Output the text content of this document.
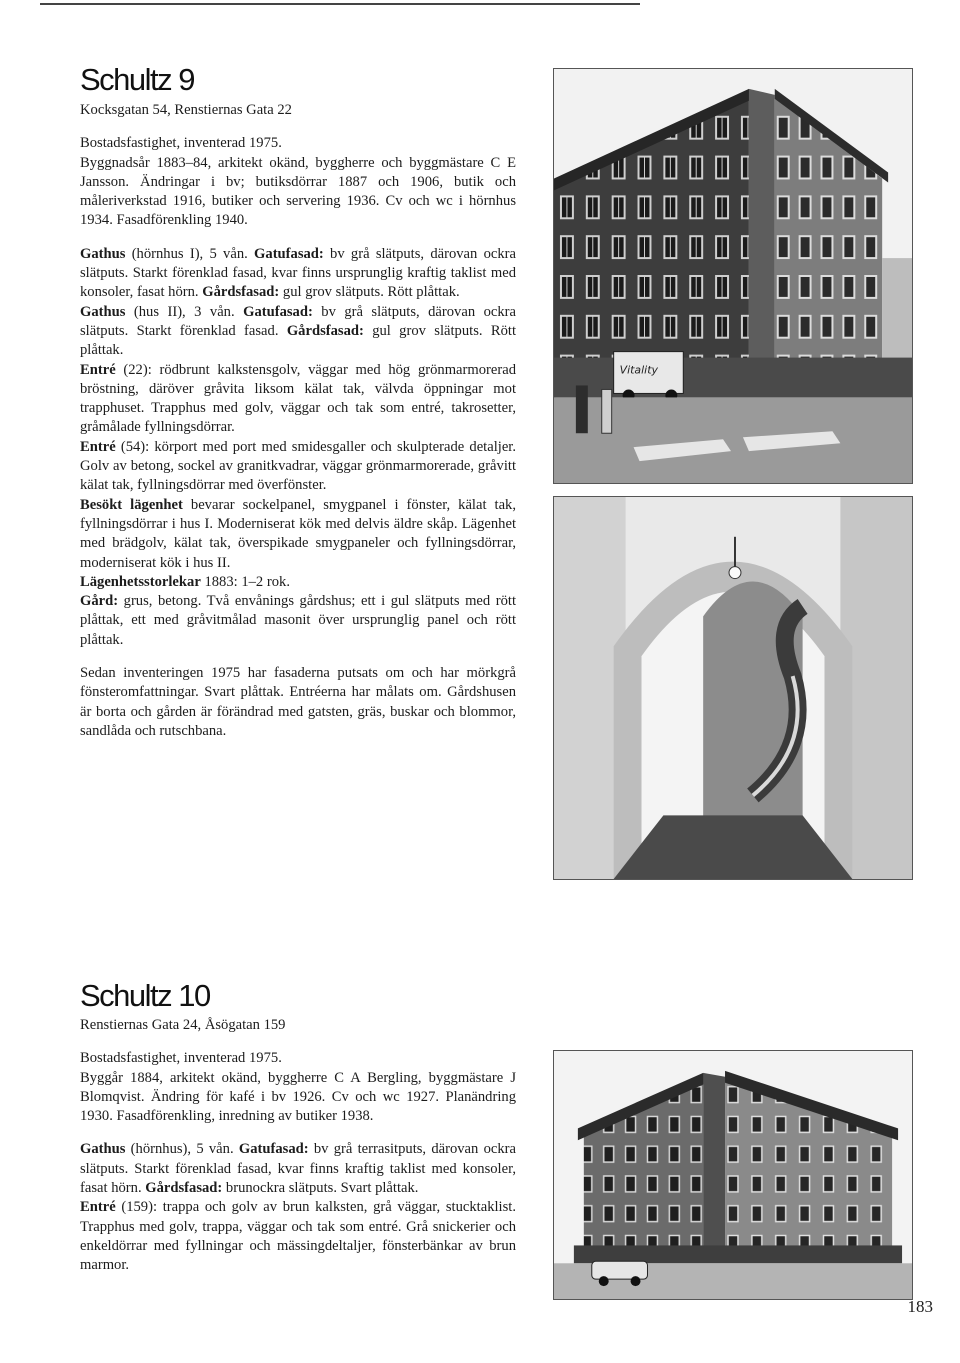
Schultz 9

Kocksgatan 54, Renstiernas Gata 22

Bostadsfastighet, inventerad 1975.

Byggnadsår 1883–84, arkitekt okänd, byggherre och byggmästare C E Jansson. Ändringar i bv; butiksdörrar 1887 och 1906, butik och måleriverkstad 1916, butiker och servering 1936. Cv och wc i hörnhus 1934. Fasadförenkling 1940.

Gathus (hörnhus I), 5 vån. Gatufasad: bv grå slätputs, därovan ockra slätputs. Starkt förenklad fasad, kvar finns ursprunglig kraftig taklist med konsoler, fasat hörn. Gårdsfasad: gul grov slätputs. Rött plåttak.

Gathus (hus II), 3 vån. Gatufasad: bv grå slätputs, därovan ockra slätputs. Starkt förenklad fasad. Gårdsfasad: gul grov slätputs. Rött plåttak.

Entré (22): rödbrunt kalkstensgolv, väggar med hög grönmarmorerad bröstning, däröver gråvita liksom kälat tak, välvda öppningar mot trapphuset. Trapphus med golv, väggar och tak som entré, takrosetter, gråmålade fyllningsdörrar.

Entré (54): körport med port med smidesgaller och skulpterade detaljer. Golv av betong, sockel av granitkvadrar, väggar grönmarmorerade, gråvitt kälat tak, fyllningsdörrar med överfönster.

Besökt lägenhet bevarar sockelpanel, smygpanel i fönster, kälat tak, fyllningsdörrar i hus I. Moderniserat kök med delvis äldre skåp. Lägenhet med brädgolv, kälat tak, överspikade smygpaneler och fyllningsdörrar, moderniserat kök i hus II.

Lägenhetsstorlekar 1883: 1–2 rok.

Gård: grus, betong. Två envånings gårdshus; ett i gul slätputs med rött plåttak, ett med gråvitmålad masonit över ursprunglig panel och rött plåttak.

Sedan inventeringen 1975 har fasaderna putsats om och har mörkgrå fönsteromfattningar. Svart plåttak. Entréerna har målats om. Gårdshusen är borta och gården är förändrad med gatsten, gräs, buskar och blommor, sandlåda och rutschbana.

Vitality
Schultz 10

Renstiernas Gata 24, Åsögatan 159

Bostadsfastighet, inventerad 1975.

Byggår 1884, arkitekt okänd, byggherre C A Bergling, byggmästare J Blomqvist. Ändring för kafé i bv 1926. Cv och wc 1927. Planändring 1930. Fasadförenkling, inredning av butiker 1938.

Gathus (hörnhus), 5 vån. Gatufasad: bv grå terrasitputs, därovan ockra slätputs. Starkt förenklad fasad, kvar finns kraftig taklist med konsoler, fasat hörn. Gårdsfasad: brunockra slätputs. Svart plåttak.

Entré (159): trappa och golv av brun kalksten, grå väggar, stucktaklist. Trapphus med golv, trappa, väggar och tak som entré. Grå snickerier och enkeldörrar med fyllningar och mässingdeltaljer, fönsterbänkar av brun marmor.

183
